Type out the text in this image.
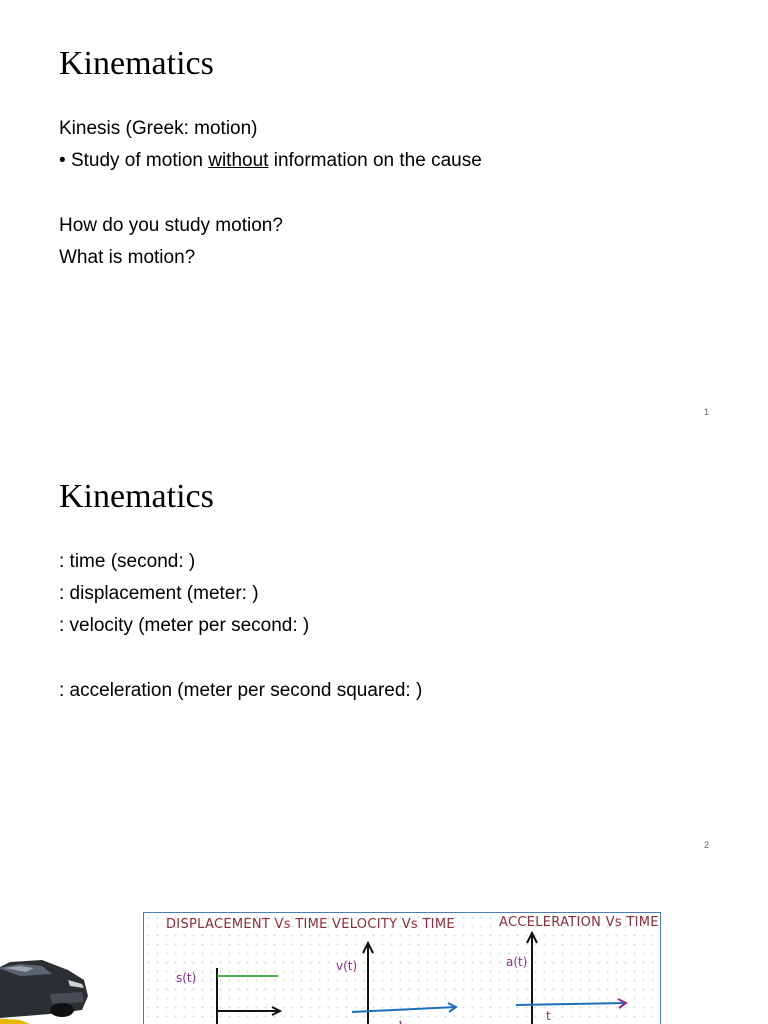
Kinematics
Kinesis (Greek: motion)
• Study of motion without information on the cause
How do you study motion?
What is motion?
1
Kinematics
: time (second: )
: displacement (meter: )
: velocity (meter per second: )
: acceleration (meter per second squared: )
2
DISPLACEMENT Vs TIME VELOCITY Vs TIME	ACCELERATION Vs TIME
s(t)
v(t)	a(t)
t
